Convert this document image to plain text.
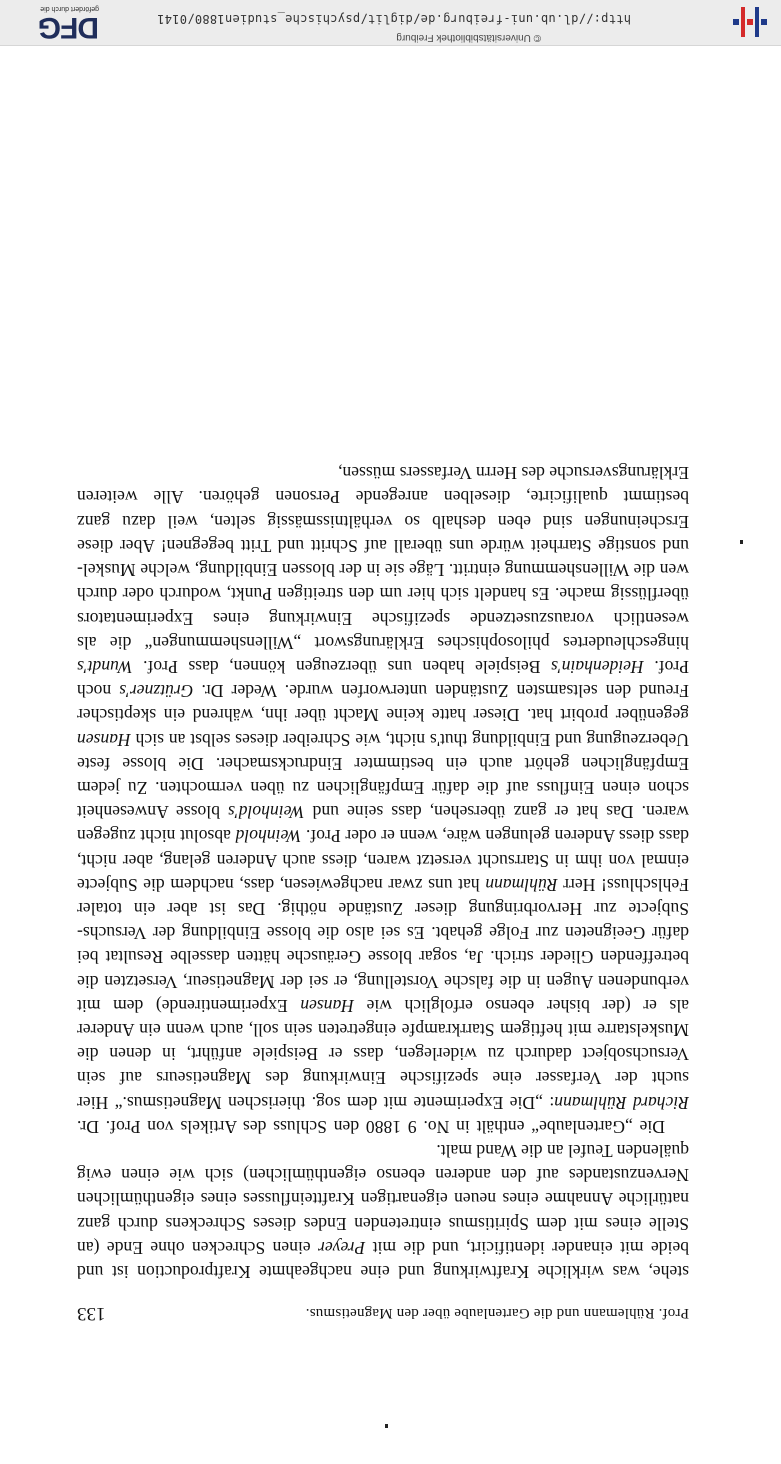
Prof. Rühlemann und die Gartenlaube über den Magnetismus.
133

stehe, was wirkliche Kraftwirkung und eine nachgeahmte Kraftproduction ist und beide mit einander identificirt, und die mit Preyer einen Schrecken ohne Ende (an Stelle eines mit dem Spiritismus eintretenden Endes dieses Schreckens durch ganz natürliche Annahme eines neuen eigenartigen Kraftteinflusses eines eigenthümlichen Nervenzustandes auf den anderen ebenso eigenthümlichen) sich wie einen ewig quälenden Teufel an die Wand malt.

Die „Gartenlaube“ enthält in No. 9 1880 den Schluss des Artikels von Prof. Dr. Richard Rühlmann: „Die Experimente mit dem sog. thierischen Magnetismus.“ Hier sucht der Verfasser eine spezifische Einwirkung des Magnetiseurs auf sein Versuchsobject dadurch zu widerlegen, dass er Beispiele anführt, in denen die Muskelstarre mit heftigem Starrkrampfe eingetreten sein soll, auch wenn ein Anderer als er (der bisher ebenso erfolglich wie Hansen Experimentirende) dem mit verbundenen Augen in die falsche Vorstellung, er sei der Magnetiseur, Versetzten die betreffenden Glieder strich. Ja, sogar blosse Geräusche hätten dasselbe Resultat bei dafür Geeigneten zur Folge gehabt. Es sei also die blosse Einbildung der Versuchs-Subjecte zur Hervorbringung dieser Zustände nöthig. Das ist aber ein totaler Fehlschluss! Herr Rühlmann hat uns zwar nachgewiesen, dass, nachdem die Subjecte einmal von ihm in Starrsucht versetzt waren, diess auch Anderen gelang, aber nicht, dass diess Anderen gelungen wäre, wenn er oder Prof. Weinhold absolut nicht zugegen waren. Das hat er ganz übersehen, dass seine und Weinhold's blosse Anwesenheit schon einen Einfluss auf die dafür Empfänglichen zu üben vermochten. Zu jedem Empfänglichen gehört auch ein bestimmter Eindrucksmacher. Die blosse feste Ueberzeugung und Einbildung thut's nicht, wie Schreiber dieses selbst an sich Hansen gegenüber probirt hat. Dieser hatte keine Macht über ihn, während ein skeptischer Freund den seltsamsten Zuständen unterworfen wurde. Weder Dr. Grützner's noch Prof. Heidenhain's Beispiele haben uns überzeugen können, dass Prof. Wundt's hingeschleudertes philosophisches Erklärungswort „Willenshemmungen“ die als wesentlich vorauszusetzende spezifische Einwirkung eines Experimentators überflüssig mache. Es handelt sich hier um den streitigen Punkt, wodurch oder durch wen die Willenshemmung eintritt. Läge sie in der blossen Einbildung, welche Muskel- und sonstige Starrheit würde uns überall auf Schritt und Tritt begegnen! Aber diese Erscheinungen sind eben deshalb so verhältnissmässig selten, weil dazu ganz bestimmt qualificirte, dieselben anregende Personen gehören. Alle weiteren Erklärungsversuche des Herrn Verfassers müssen,

© Universitätsbibliothek Freiburg
http://dl.ub.uni-freiburg.de/diglit/psychische_studien1880/0141
DFG
gefördert durch die
